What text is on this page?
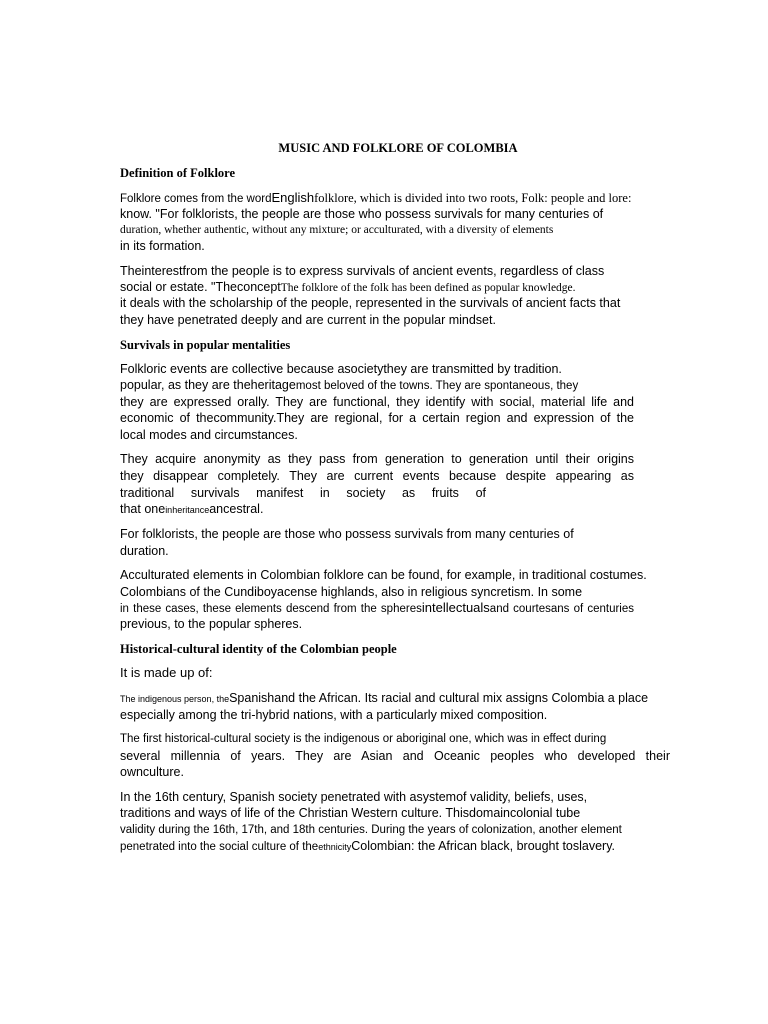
MUSIC AND FOLKLORE OF COLOMBIA
Definition of Folklore
Folklore comes from the wordEnglishfolklore, which is divided into two roots, Folk: people and lore:
know. "For folklorists, the people are those who possess survivals for many centuries of
duration, whether authentic, without any mixture; or acculturated, with a diversity of elements
in its formation.
Theinterestfrom the people is to express survivals of ancient events, regardless of class
social or estate. "TheconceptThe folklore of the folk has been defined as popular knowledge.
it deals with the scholarship of the people, represented in the survivals of ancient facts that
they have penetrated deeply and are current in the popular mindset.
Survivals in popular mentalities
Folkloric events are collective because asocietythey are transmitted by tradition.
popular, as they are theheritagemost beloved of the towns. They are spontaneous, they
they are expressed orally. They are functional, they identify with social, material life and
economic of thecommunity.They are regional, for a certain region and expression of the
local modes and circumstances.
They acquire anonymity as they pass from generation to generation until their origins
they disappear completely. They are current events because despite appearing as
traditional survivals manifest in society as fruits of
that oneinheritanceancestral.
For folklorists, the people are those who possess survivals from many centuries of
duration.
Acculturated elements in Colombian folklore can be found, for example, in traditional costumes.
Colombians of the Cundiboyacense highlands, also in religious syncretism. In some
in these cases, these elements descend from the spheresintellectualsand courtesans of centuries
previous, to the popular spheres.
Historical-cultural identity of the Colombian people
It is made up of:
The indigenous person, theSpanishand the African. Its racial and cultural mix assigns Colombia a place
especially among the tri-hybrid nations, with a particularly mixed composition.
The first historical-cultural society is the indigenous or aboriginal one, which was in effect during
several millennia of years. They are Asian and Oceanic peoples who developed their
ownculture.
In the 16th century, Spanish society penetrated with asystemof validity, beliefs, uses,
traditions and ways of life of the Christian Western culture. Thisdomaincolonial tube
validity during the 16th, 17th, and 18th centuries. During the years of colonization, another element
penetrated into the social culture of theethnicityColombian: the African black, brought toslavery.
